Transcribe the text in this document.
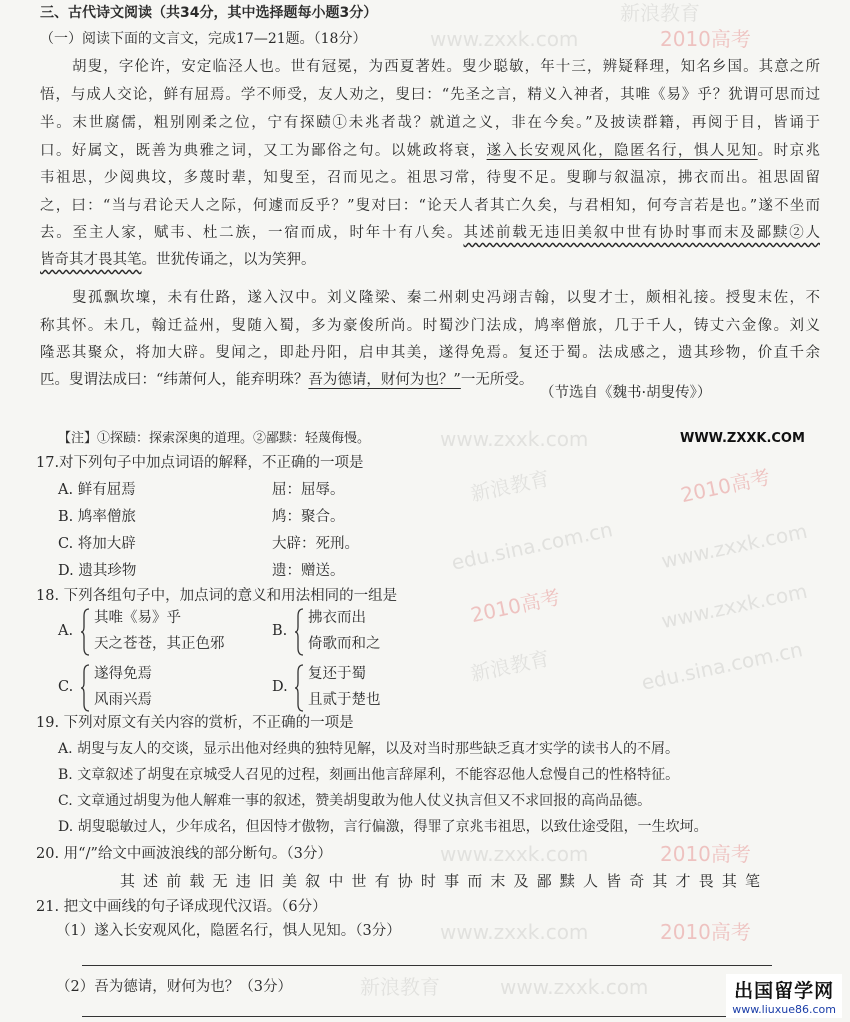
新浪教育
www.zxxk.com	2010高考
www.zxxk.com
新浪教育	2010高考
edu.sina.com.cn www.zxxk.com
2010高考	www.zxxk.com
新浪教育	edu.sina.com.cn
www.zxxk.com	2010高考
www.zxxk.com	2010高考
新浪教育	www.zxxk.com
三、古代诗文阅读（共34分，其中选择题每小题3分）
（一）阅读下面的文言文，完成17—21题。（18分）
胡叟，字伦许，安定临泾人也。世有冠冕，为西夏著姓。叟少聪敏，年十三，辨疑释理，知名乡国。其意之所
悟，与成人交论，鲜有屈焉。学不师受，友人劝之，叟曰：“先圣之言，精义入神者，其唯《易》乎？犹谓可思而过
半。末世腐儒，粗别刚柔之位，宁有探赜①未兆者哉？就道之义，非在今矣。”及披读群籍，再阅于目，皆诵于
口。好属文，既善为典雅之词，又工为鄙俗之句。以姚政将衰，遂入长安观风化，隐匿名行，惧人见知。时京兆
韦祖思，少阅典坟，多蔑时辈，知叟至，召而见之。祖思习常，待叟不足。叟聊与叙温凉，拂衣而出。祖思固留
之，曰：“当与君论天人之际，何遽而反乎？”叟对曰：“论天人者其亡久矣，与君相知，何夸言若是也。”遂不坐而
去。至主人家，赋韦、杜二族，一宿而成，时年十有八矣。其述前载无违旧美叙中世有协时事而末及鄙黩②人
皆奇其才畏其笔。世犹传诵之，以为笑狎。
叟孤飘坎壈，未有仕路，遂入汉中。刘义隆梁、秦二州刺史冯翊吉翰，以叟才士，颇相礼接。授叟末佐，不
称其怀。未几，翰迁益州，叟随入蜀，多为豪俊所尚。时蜀沙门法成，鸠率僧旅，几于千人，铸丈六金像。刘义
隆恶其聚众，将加大辟。叟闻之，即赴丹阳，启申其美，遂得免焉。复还于蜀。法成感之，遗其珍物，价直千余
匹。叟谓法成曰：“纬萧何人，能弃明珠？吾为德请，财何为也？”一无所受。
（节选自《魏书·胡叟传》）
【注】①探赜：探索深奥的道理。②鄙黩：轻蔑侮慢。	WWW.ZXXK.COM
17.对下列句子中加点词语的解释，不正确的一项是
A. 鲜有屈焉	屈：屈辱。
B. 鸠率僧旅	鸠：聚合。
C. 将加大辟	大辟：死刑。
D. 遗其珍物	遗：赠送。
18. 下列各组句子中，加点词的意义和用法相同的一组是
A.
其唯《易》乎
天之苍苍，其正色邪
B.
拂衣而出
倚歌而和之
C.
遂得免焉
风雨兴焉
D.
复还于蜀
且贰于楚也
19. 下列对原文有关内容的赏析，不正确的一项是
A. 胡叟与友人的交谈，显示出他对经典的独特见解，以及对当时那些缺乏真才实学的读书人的不屑。
B. 文章叙述了胡叟在京城受人召见的过程，刻画出他言辞犀利，不能容忍他人怠慢自己的性格特征。
C. 文章通过胡叟为他人解难一事的叙述，赞美胡叟敢为他人仗义执言但又不求回报的高尚品德。
D. 胡叟聪敏过人，少年成名，但因恃才傲物，言行偏激，得罪了京兆韦祖思，以致仕途受阻，一生坎坷。
20. 用“/”给文中画波浪线的部分断句。（3分）
其述前载无违旧美叙中世有协时事而末及鄙黩人皆奇其才畏其笔
21. 把文中画线的句子译成现代汉语。（6分）
（1）遂入长安观风化，隐匿名行，惧人见知。（3分）
（2）吾为德请，财何为也？（3分）	出国留学网
www.liuxue86.com
